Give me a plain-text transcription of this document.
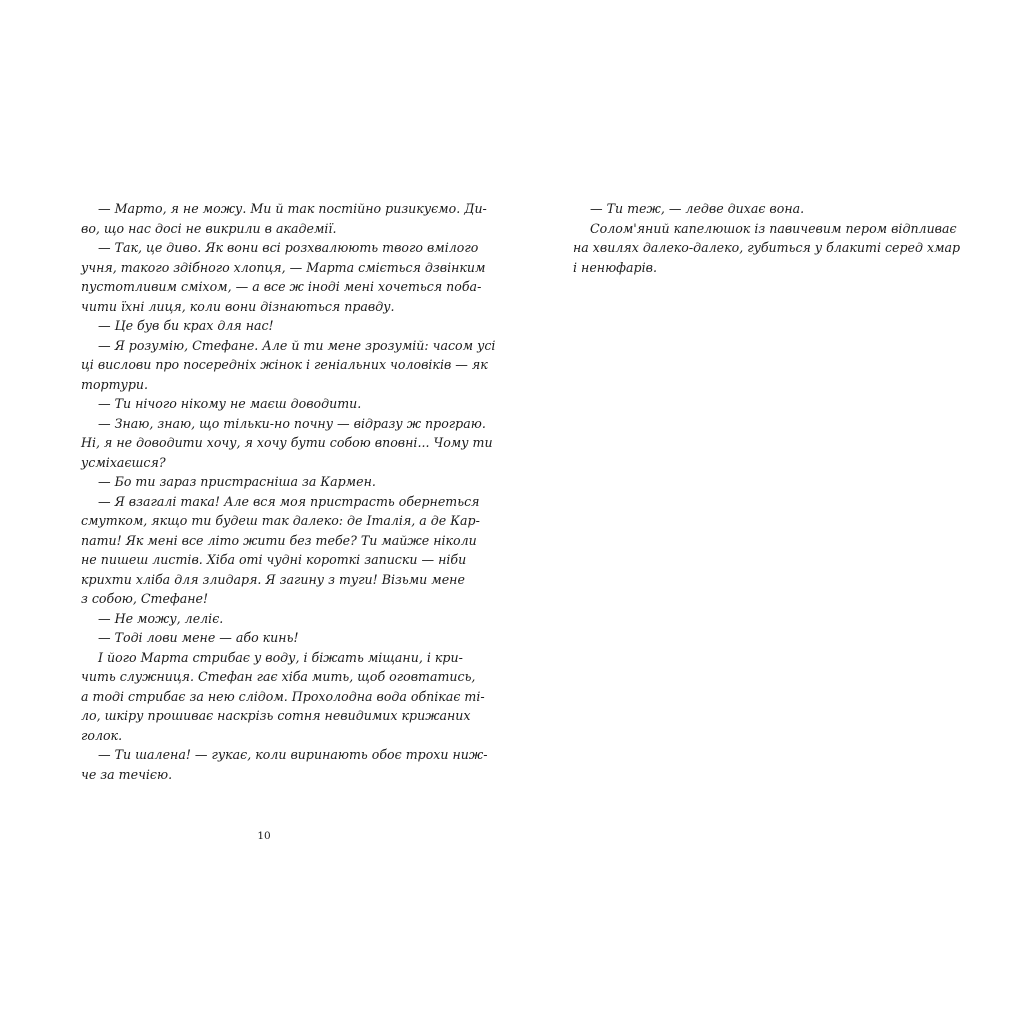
— Марто, я не можу. Ми й так постійно ризикуємо. Ди-
во, що нас досі не викрили в академії.
— Так, це диво. Як вони всі розхвалюють твого вмілого
учня, такого здібного хлопця, — Марта сміється дзвінким
пустотливим сміхом, — а все ж іноді мені хочеться поба-
чити їхні лиця, коли вони дізнаються правду.
— Це був би крах для нас!
— Я розумію, Стефане. Але й ти мене зрозумій: часом усі
ці вислови про посередніх жінок і геніальних чоловіків — як
тортури.
— Ти нічого нікому не маєш доводити.
— Знаю, знаю, що тільки-но почну — відразу ж програю.
Ні, я не доводити хочу, я хочу бути собою вповні... Чому ти
усміхаєшся?
— Бо ти зараз пристрасніша за Кармен.
— Я взагалі така! Але вся моя пристрасть обернеться
смутком, якщо ти будеш так далеко: де Італія, а де Кар-
пати! Як мені все літо жити без тебе? Ти майже ніколи
не пишеш листів. Хіба оті чудні короткі записки — ніби
крихти хліба для злидаря. Я загину з туги! Візьми мене
з собою, Стефане!
— Не можу, леліє.
— Тоді лови мене — або кинь!
І його Марта стрибає у воду, і біжать міщани, і кри-
чить служниця. Стефан гає хіба мить, щоб оговтатись,
а тоді стрибає за нею слідом. Прохолодна вода обпікає ті-
ло, шкіру прошиває наскрізь сотня невидимих крижаних
голок.
— Ти шалена! — гукає, коли виринають обоє трохи ниж-
че за течією.
— Ти теж, — ледве дихає вона.
Солом'яний капелюшок із павичевим пером відпливає
на хвилях далеко-далеко, губиться у блакиті серед хмар
і ненюфарів.
10
